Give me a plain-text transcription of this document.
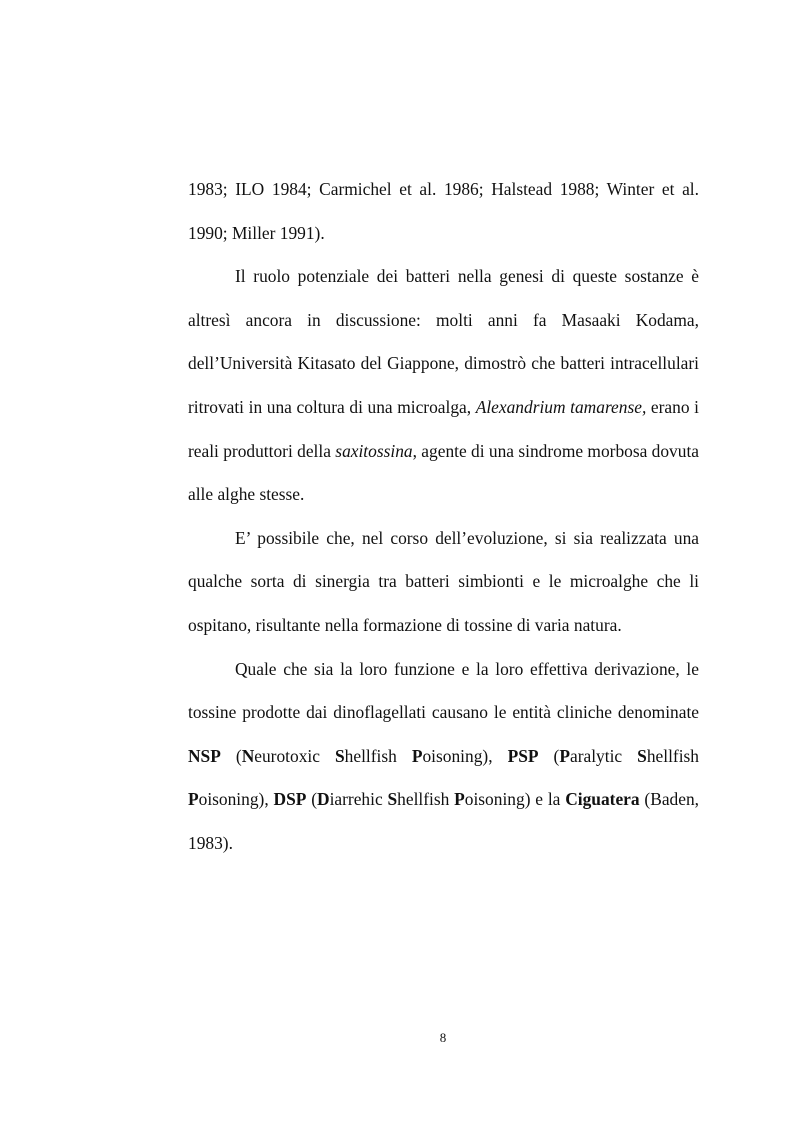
1983; ILO 1984; Carmichel et al. 1986; Halstead 1988; Winter et al. 1990; Miller 1991).

Il ruolo potenziale dei batteri nella genesi di queste sostanze è altresì ancora in discussione: molti anni fa Masaaki Kodama, dell’Università Kitasato del Giappone, dimostrò che batteri intracellulari ritrovati in una coltura di una microalga, Alexandrium tamarense, erano i reali produttori della saxitossina, agente di una sindrome morbosa dovuta alle alghe stesse.

E’ possibile che, nel corso dell’evoluzione, si sia realizzata una qualche sorta di sinergia tra batteri simbionti e le microalghe che li ospitano, risultante nella formazione di tossine di varia natura.

Quale che sia la loro funzione e la loro effettiva derivazione, le tossine prodotte dai dinoflagellati causano le entità cliniche denominate NSP (Neurotoxic Shellfish Poisoning), PSP (Paralytic Shellfish Poisoning), DSP (Diarrehic Shellfish Poisoning) e la Ciguatera (Baden, 1983).

8
